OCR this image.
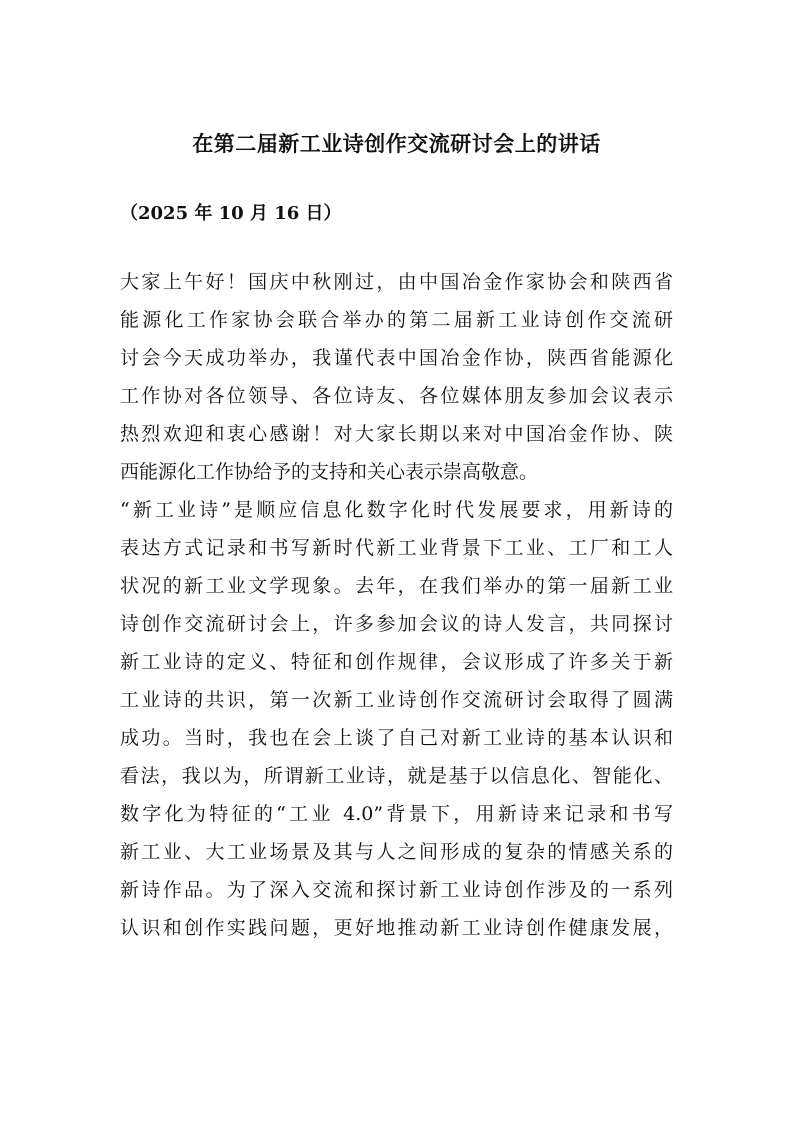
在第二届新工业诗创作交流研讨会上的讲话
（2025 年 10 月 16 日）
大家上午好！国庆中秋刚过，由中国冶金作家协会和陕西省
能源化工作家协会联合举办的第二届新工业诗创作交流研
讨会今天成功举办，我谨代表中国冶金作协，陕西省能源化
工作协对各位领导、各位诗友、各位媒体朋友参加会议表示
热烈欢迎和衷心感谢！对大家长期以来对中国冶金作协、陕
西能源化工作协给予的支持和关心表示崇高敬意。
“新工业诗”是顺应信息化数字化时代发展要求，用新诗的
表达方式记录和书写新时代新工业背景下工业、工厂和工人
状况的新工业文学现象。去年，在我们举办的第一届新工业
诗创作交流研讨会上，许多参加会议的诗人发言，共同探讨
新工业诗的定义、特征和创作规律，会议形成了许多关于新
工业诗的共识，第一次新工业诗创作交流研讨会取得了圆满
成功。当时，我也在会上谈了自己对新工业诗的基本认识和
看法，我以为，所谓新工业诗，就是基于以信息化、智能化、
数字化为特征的“工业 4.0”背景下，用新诗来记录和书写
新工业、大工业场景及其与人之间形成的复杂的情感关系的
新诗作品。为了深入交流和探讨新工业诗创作涉及的一系列
认识和创作实践问题，更好地推动新工业诗创作健康发展，
